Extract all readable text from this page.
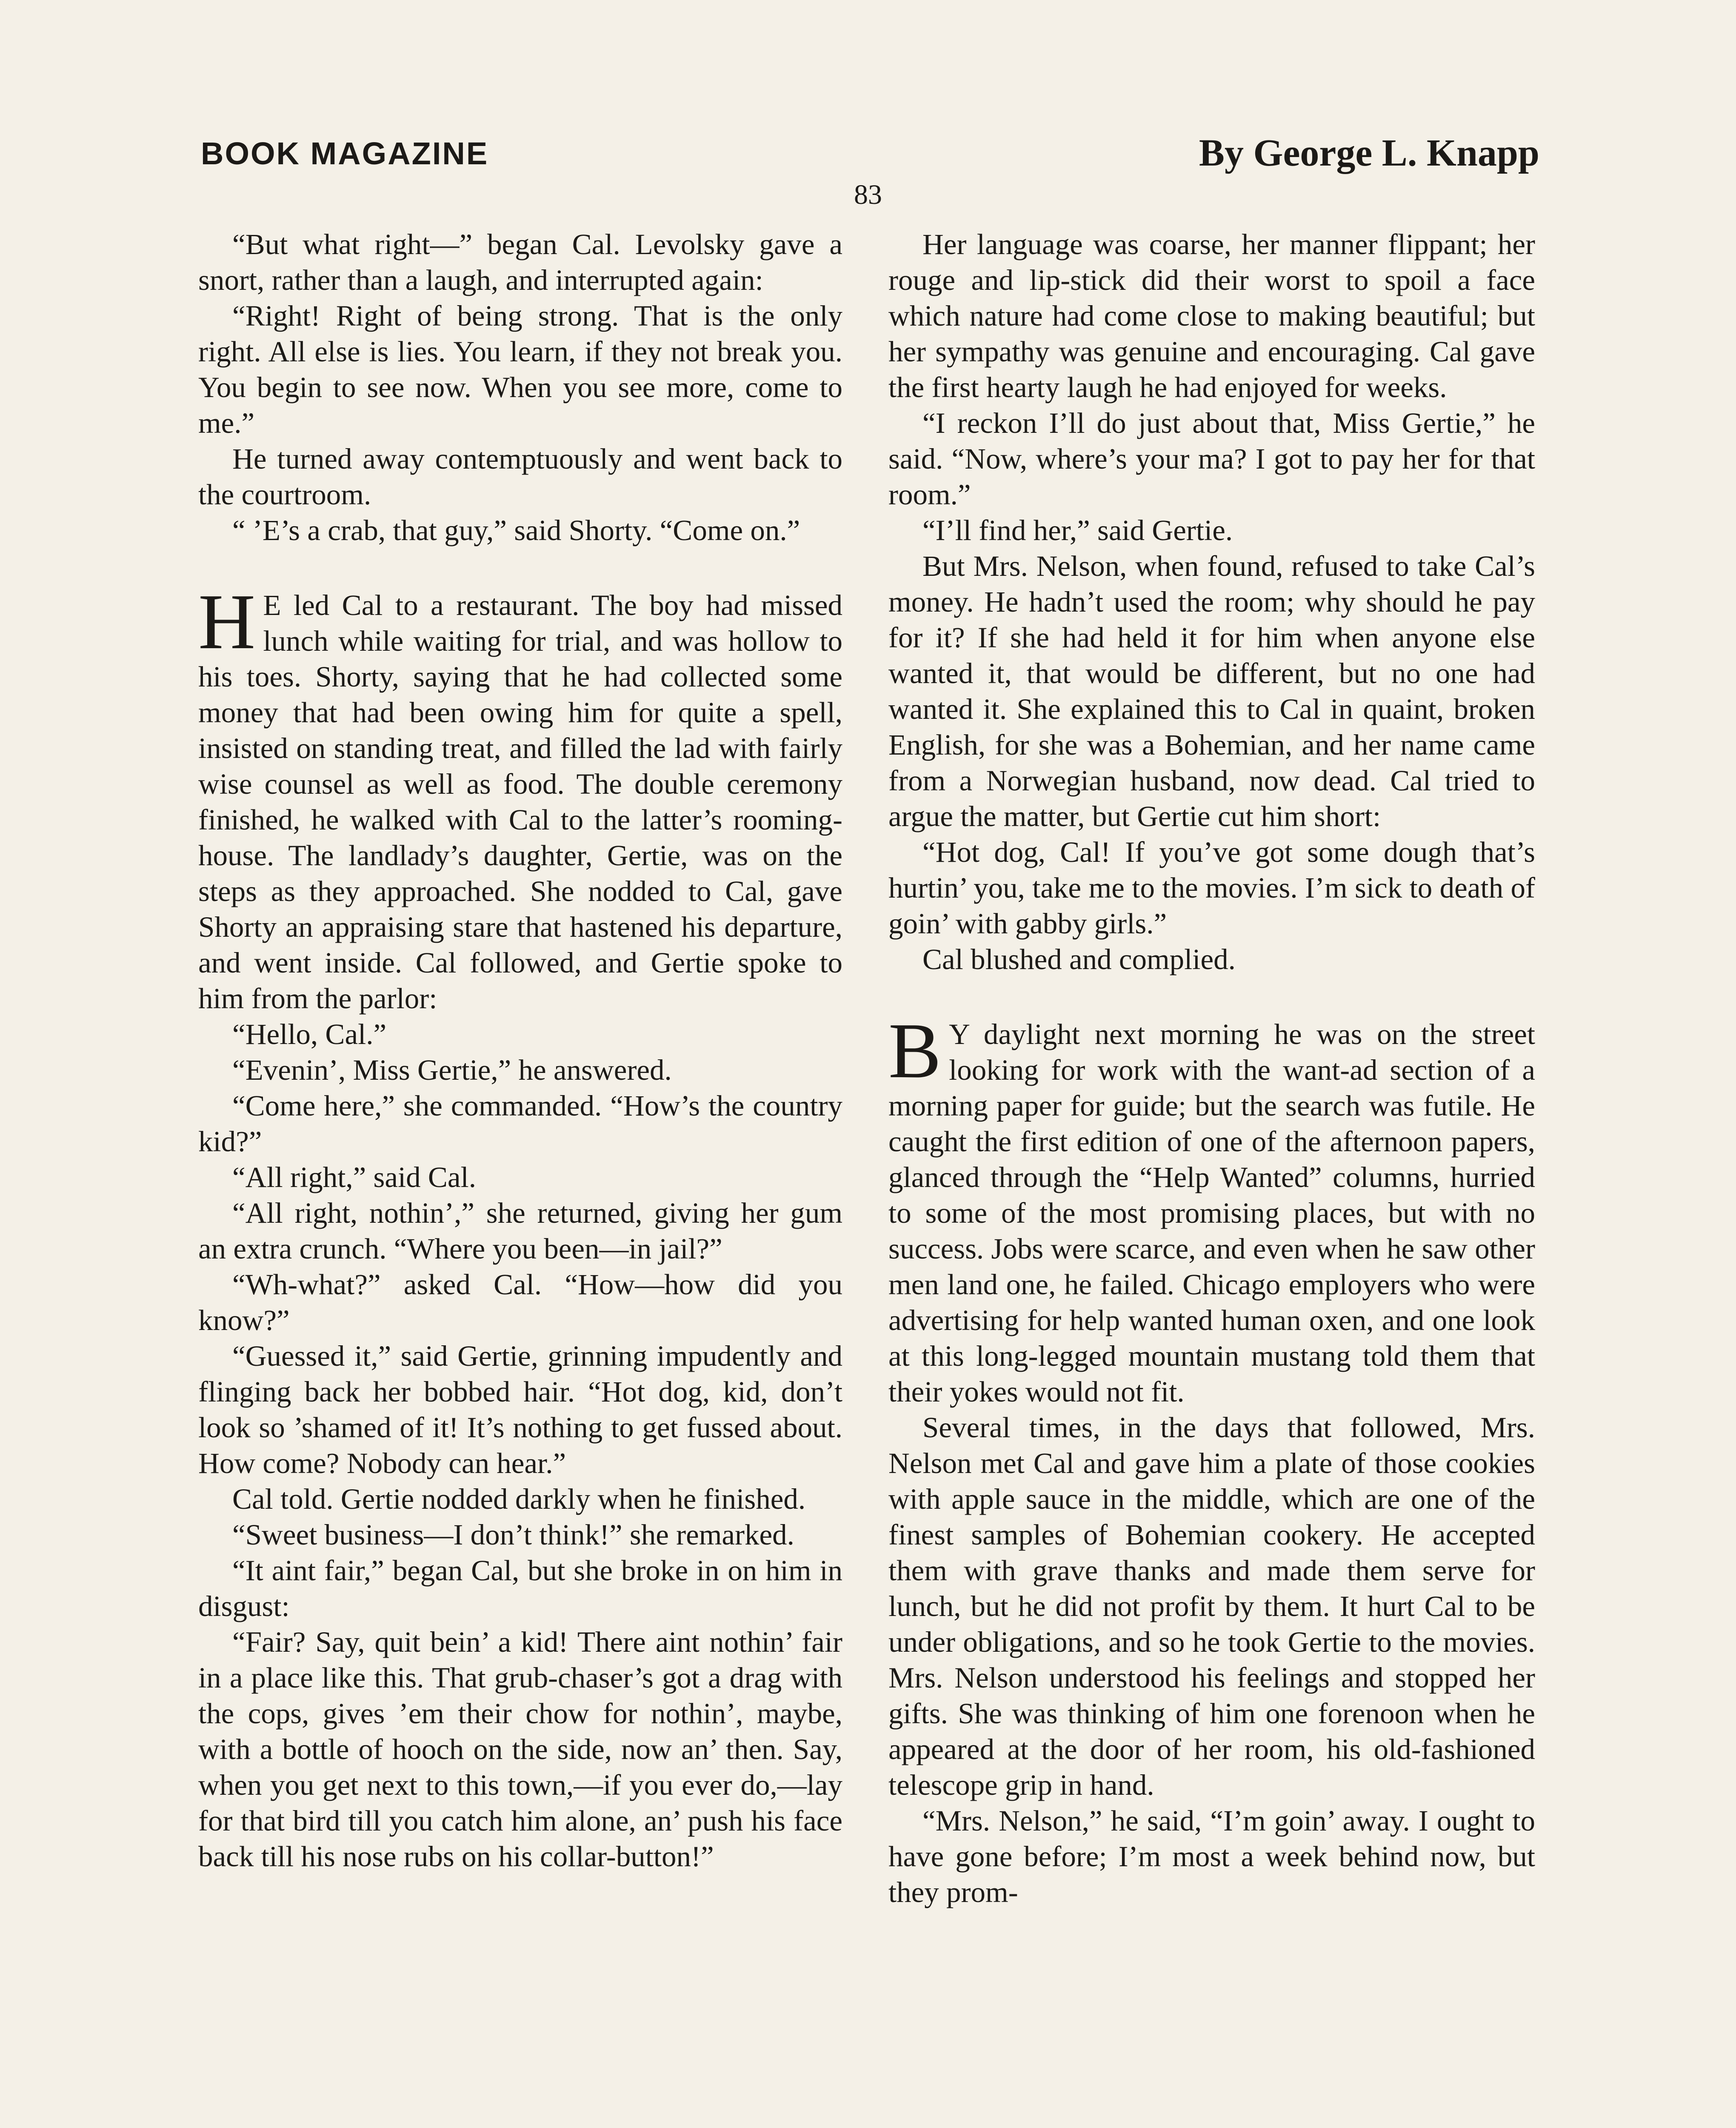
BOOK MAGAZINE	By George L. Knapp
83

“But what right—” began Cal. Levolsky gave a snort, rather than a laugh, and interrupted again:

“Right! Right of being strong. That is the only right. All else is lies. You learn, if they not break you. You begin to see now. When you see more, come to me.”

He turned away contemptuously and went back to the courtroom.

“ ’E’s a crab, that guy,” said Shorty. “Come on.”

H E led Cal to a restaurant. The boy had missed lunch while waiting for trial, and was hollow to his toes. Shorty, saying that he had collected some money that had been owing him for quite a spell, insisted on standing treat, and filled the lad with fairly wise counsel as well as food. The double ceremony finished, he walked with Cal to the latter’s rooming-house. The landlady’s daughter, Gertie, was on the steps as they approached. She nodded to Cal, gave Shorty an appraising stare that hastened his departure, and went inside. Cal followed, and Gertie spoke to him from the parlor:

“Hello, Cal.”

“Evenin’, Miss Gertie,” he answered.

“Come here,” she commanded. “How’s the country kid?”

“All right,” said Cal.

“All right, nothin’,” she returned, giving her gum an extra crunch. “Where you been—in jail?”

“Wh-what?” asked Cal. “How—how did you know?”

“Guessed it,” said Gertie, grinning impudently and flinging back her bobbed hair. “Hot dog, kid, don’t look so ’shamed of it! It’s nothing to get fussed about. How come? Nobody can hear.”

Cal told. Gertie nodded darkly when he finished.

“Sweet business—I don’t think!” she remarked.

“It aint fair,” began Cal, but she broke in on him in disgust:

“Fair? Say, quit bein’ a kid! There aint nothin’ fair in a place like this. That grub-chaser’s got a drag with the cops, gives ’em their chow for nothin’, maybe, with a bottle of hooch on the side, now an’ then. Say, when you get next to this town,—if you ever do,—lay for that bird till you catch him alone, an’ push his face back till his nose rubs on his collar-button!”

Her language was coarse, her manner flippant; her rouge and lip-stick did their worst to spoil a face which nature had come close to making beautiful; but her sympathy was genuine and encouraging. Cal gave the first hearty laugh he had enjoyed for weeks.

“I reckon I’ll do just about that, Miss Gertie,” he said. “Now, where’s your ma? I got to pay her for that room.”

“I’ll find her,” said Gertie.

But Mrs. Nelson, when found, refused to take Cal’s money. He hadn’t used the room; why should he pay for it? If she had held it for him when anyone else wanted it, that would be different, but no one had wanted it. She explained this to Cal in quaint, broken English, for she was a Bohemian, and her name came from a Norwegian husband, now dead. Cal tried to argue the matter, but Gertie cut him short:

“Hot dog, Cal! If you’ve got some dough that’s hurtin’ you, take me to the movies. I’m sick to death of goin’ with gabby girls.”

Cal blushed and complied.

B Y daylight next morning he was on the street looking for work with the want-ad section of a morning paper for guide; but the search was futile. He caught the first edition of one of the afternoon papers, glanced through the “Help Wanted” columns, hurried to some of the most promising places, but with no success. Jobs were scarce, and even when he saw other men land one, he failed. Chicago employers who were advertising for help wanted human oxen, and one look at this long-legged mountain mustang told them that their yokes would not fit.

Several times, in the days that followed, Mrs. Nelson met Cal and gave him a plate of those cookies with apple sauce in the middle, which are one of the finest samples of Bohemian cookery. He accepted them with grave thanks and made them serve for lunch, but he did not profit by them. It hurt Cal to be under obligations, and so he took Gertie to the movies. Mrs. Nelson understood his feelings and stopped her gifts. She was thinking of him one forenoon when he appeared at the door of her room, his old-fashioned telescope grip in hand.

“Mrs. Nelson,” he said, “I’m goin’ away. I ought to have gone before; I’m most a week behind now, but they prom-
